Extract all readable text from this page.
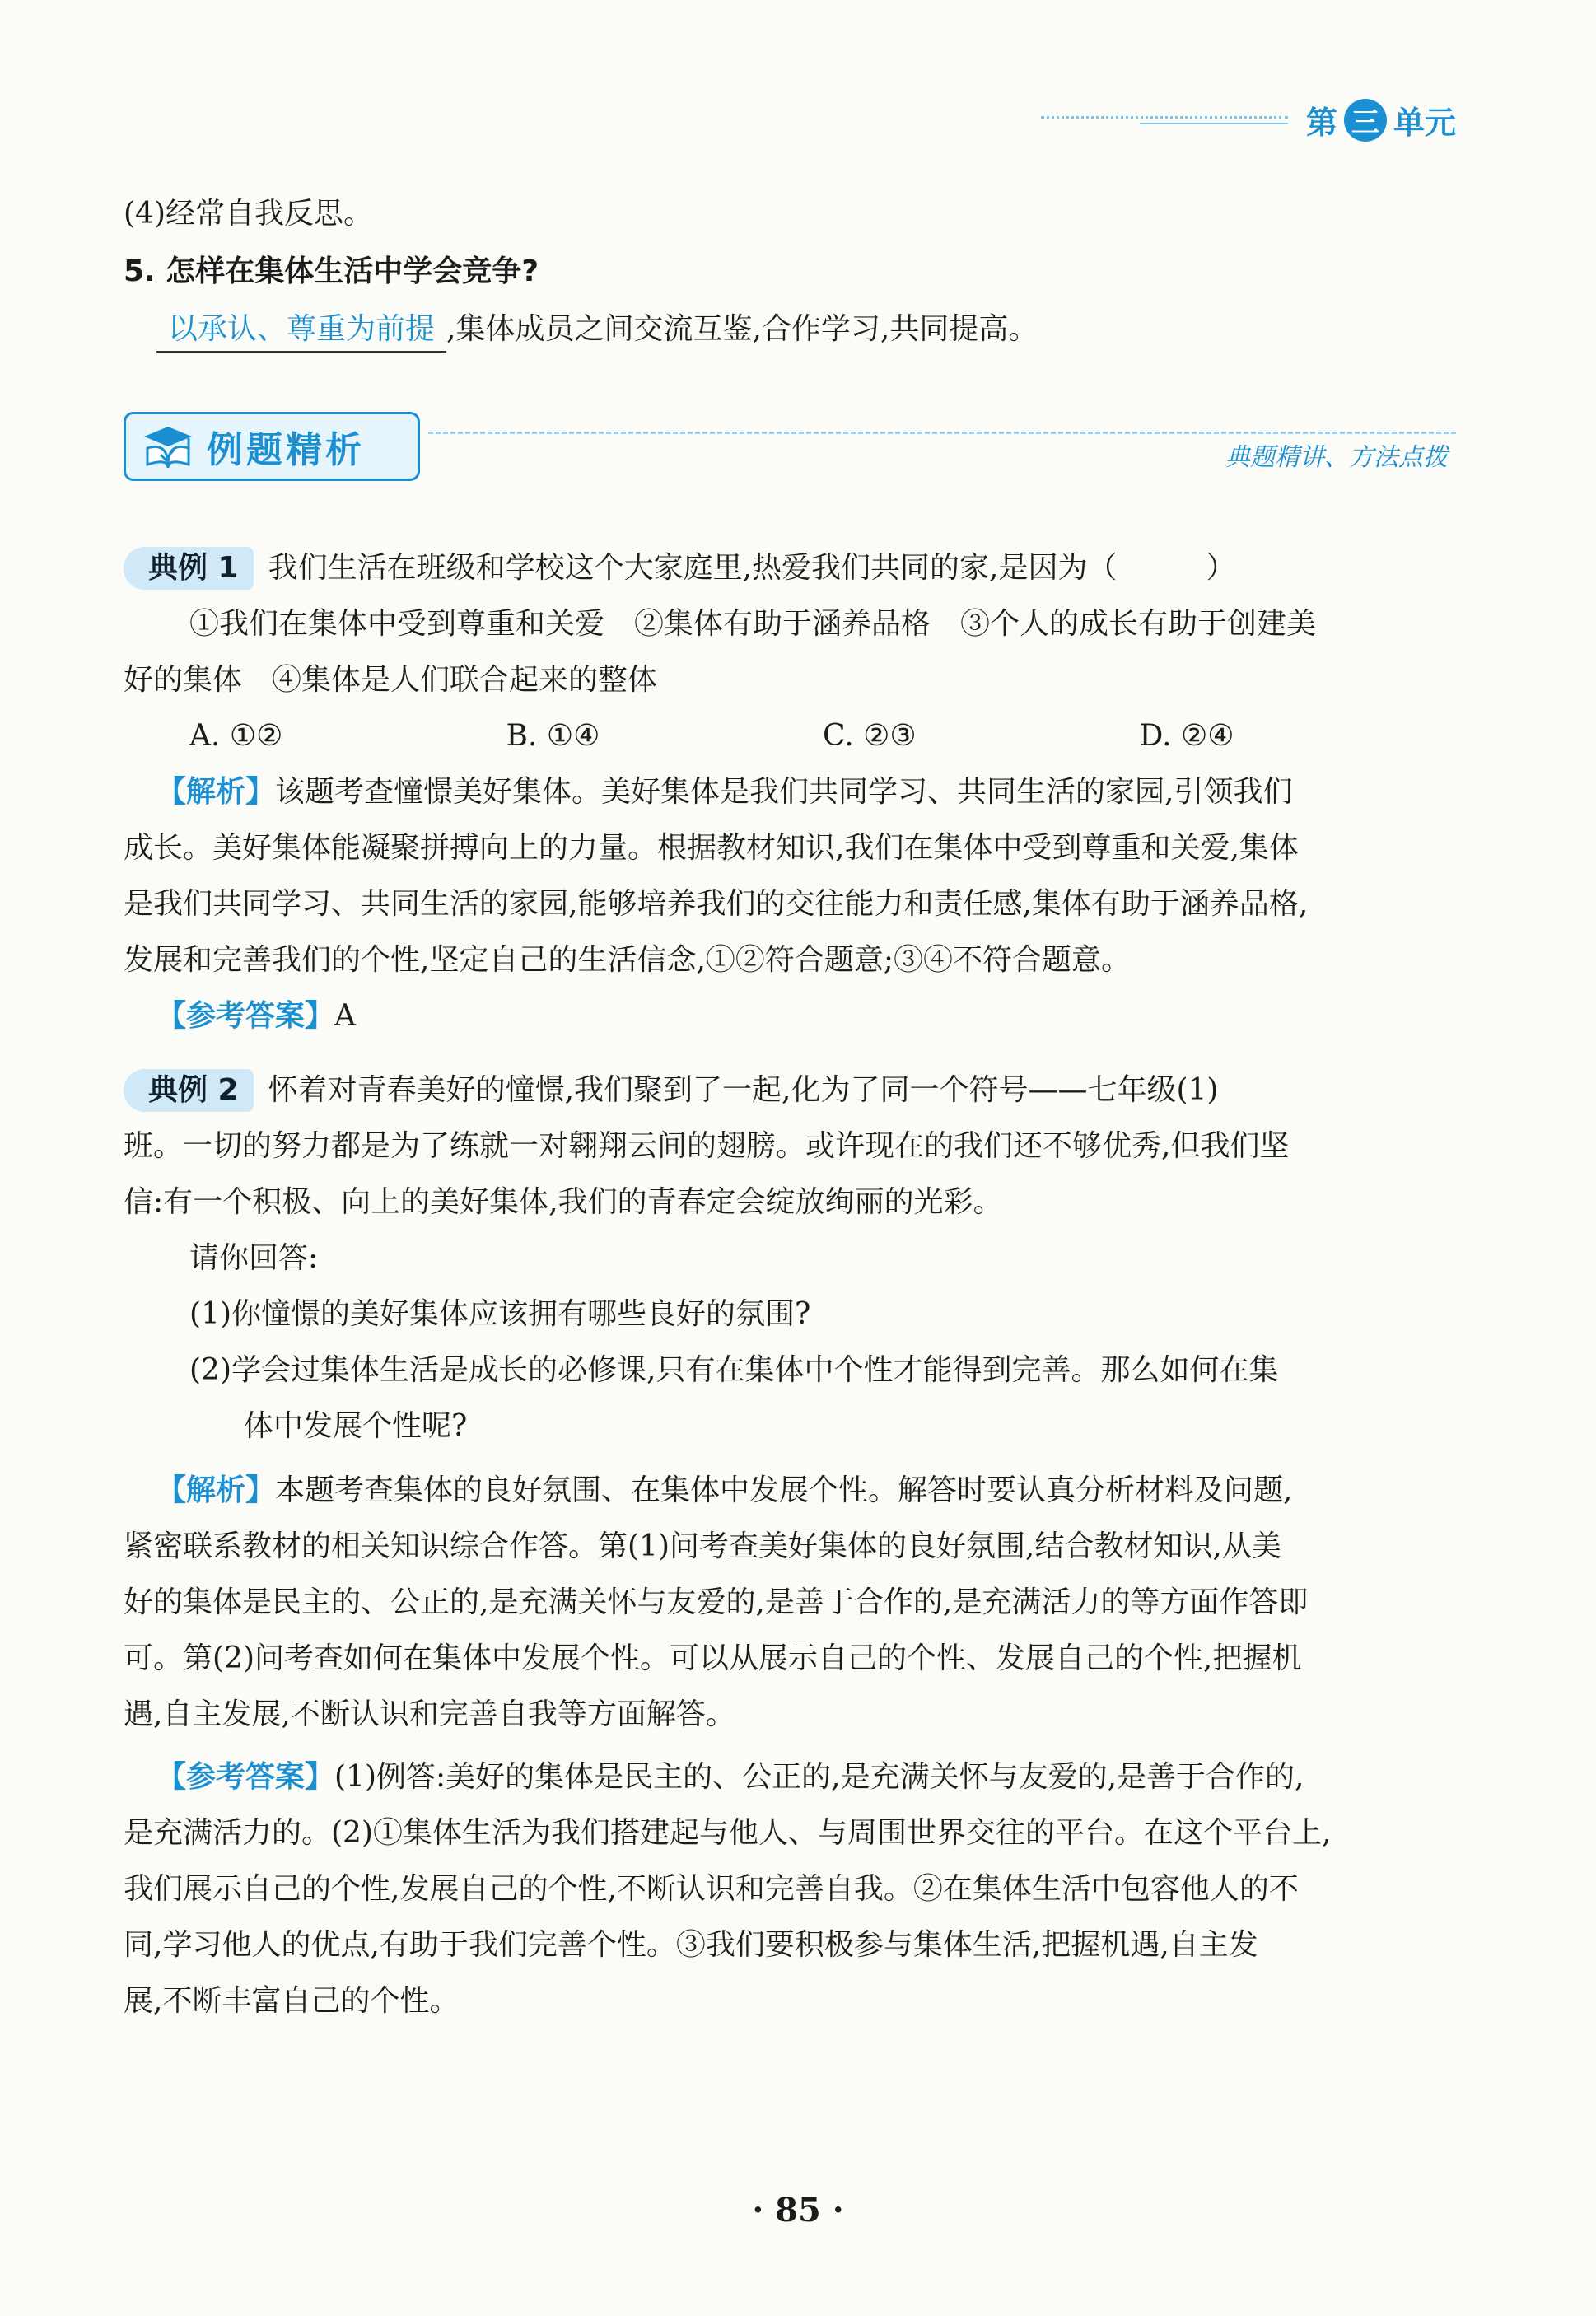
第 三 单元
(4)经常自我反思。
5. 怎样在集体生活中学会竞争?
以承认、尊重为前提 ,集体成员之间交流互鉴,合作学习,共同提高。
例题精析	典题精讲、方法点拨
典例 1 我们生活在班级和学校这个大家庭里,热爱我们共同的家,是因为（　　　）
①我们在集体中受到尊重和关爱　②集体有助于涵养品格　③个人的成长有助于创建美
好的集体　④集体是人们联合起来的整体
A. ①②	B. ①④	C. ②③	D. ②④
【解析】该题考查憧憬美好集体。美好集体是我们共同学习、共同生活的家园,引领我们
成长。美好集体能凝聚拼搏向上的力量。根据教材知识,我们在集体中受到尊重和关爱,集体
是我们共同学习、共同生活的家园,能够培养我们的交往能力和责任感,集体有助于涵养品格,
发展和完善我们的个性,坚定自己的生活信念,①②符合题意;③④不符合题意。
【参考答案】A
典例 2 怀着对青春美好的憧憬,我们聚到了一起,化为了同一个符号——七年级(1)
班。一切的努力都是为了练就一对翱翔云间的翅膀。或许现在的我们还不够优秀,但我们坚
信:有一个积极、向上的美好集体,我们的青春定会绽放绚丽的光彩。
请你回答:
(1)你憧憬的美好集体应该拥有哪些良好的氛围?
(2)学会过集体生活是成长的必修课,只有在集体中个性才能得到完善。那么如何在集
体中发展个性呢?
【解析】本题考查集体的良好氛围、在集体中发展个性。解答时要认真分析材料及问题,
紧密联系教材的相关知识综合作答。第(1)问考查美好集体的良好氛围,结合教材知识,从美
好的集体是民主的、公正的,是充满关怀与友爱的,是善于合作的,是充满活力的等方面作答即
可。第(2)问考查如何在集体中发展个性。可以从展示自己的个性、发展自己的个性,把握机
遇,自主发展,不断认识和完善自我等方面解答。
【参考答案】(1)例答:美好的集体是民主的、公正的,是充满关怀与友爱的,是善于合作的,
是充满活力的。(2)①集体生活为我们搭建起与他人、与周围世界交往的平台。在这个平台上,
我们展示自己的个性,发展自己的个性,不断认识和完善自我。②在集体生活中包容他人的不
同,学习他人的优点,有助于我们完善个性。③我们要积极参与集体生活,把握机遇,自主发
展,不断丰富自己的个性。
· 85 ·
